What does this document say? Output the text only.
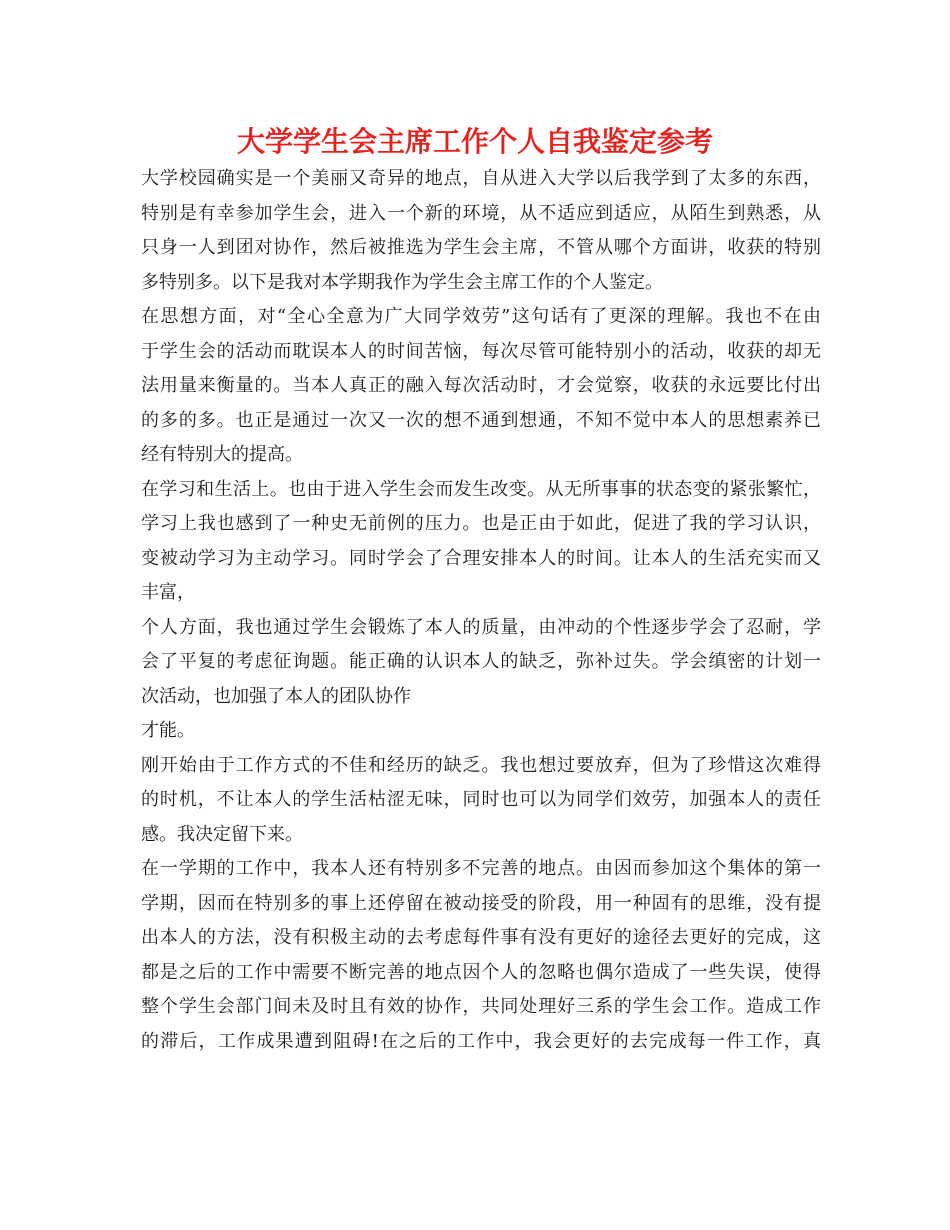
大学学生会主席工作个人自我鉴定参考
大学校园确实是一个美丽又奇异的地点，自从进入大学以后我学到了太多的东西，
特别是有幸参加学生会，进入一个新的环境，从不适应到适应，从陌生到熟悉，从
只身一人到团对协作，然后被推选为学生会主席，不管从哪个方面讲，收获的特别
多特别多。以下是我对本学期我作为学生会主席工作的个人鉴定。
在思想方面，对“全心全意为广大同学效劳”这句话有了更深的理解。我也不在由
于学生会的活动而耽误本人的时间苦恼，每次尽管可能特别小的活动，收获的却无
法用量来衡量的。当本人真正的融入每次活动时，才会觉察，收获的永远要比付出
的多的多。也正是通过一次又一次的想不通到想通，不知不觉中本人的思想素养已
经有特别大的提高。
在学习和生活上。也由于进入学生会而发生改变。从无所事事的状态变的紧张繁忙，
学习上我也感到了一种史无前例的压力。也是正由于如此，促进了我的学习认识，
变被动学习为主动学习。同时学会了合理安排本人的时间。让本人的生活充实而又
丰富，
个人方面，我也通过学生会锻炼了本人的质量，由冲动的个性逐步学会了忍耐，学
会了平复的考虑征询题。能正确的认识本人的缺乏，弥补过失。学会缜密的计划一
次活动，也加强了本人的团队协作
才能。
刚开始由于工作方式的不佳和经历的缺乏。我也想过要放弃，但为了珍惜这次难得
的时机，不让本人的学生活枯涩无味，同时也可以为同学们效劳，加强本人的责任
感。我决定留下来。
在一学期的工作中，我本人还有特别多不完善的地点。由因而参加这个集体的第一
学期，因而在特别多的事上还停留在被动接受的阶段，用一种固有的思维，没有提
出本人的方法，没有积极主动的去考虑每件事有没有更好的途径去更好的完成，这
都是之后的工作中需要不断完善的地点因个人的忽略也偶尔造成了一些失误，使得
整个学生会部门间未及时且有效的协作，共同处理好三系的学生会工作。造成工作
的滞后，工作成果遭到阻碍!在之后的工作中，我会更好的去完成每一件工作，真
